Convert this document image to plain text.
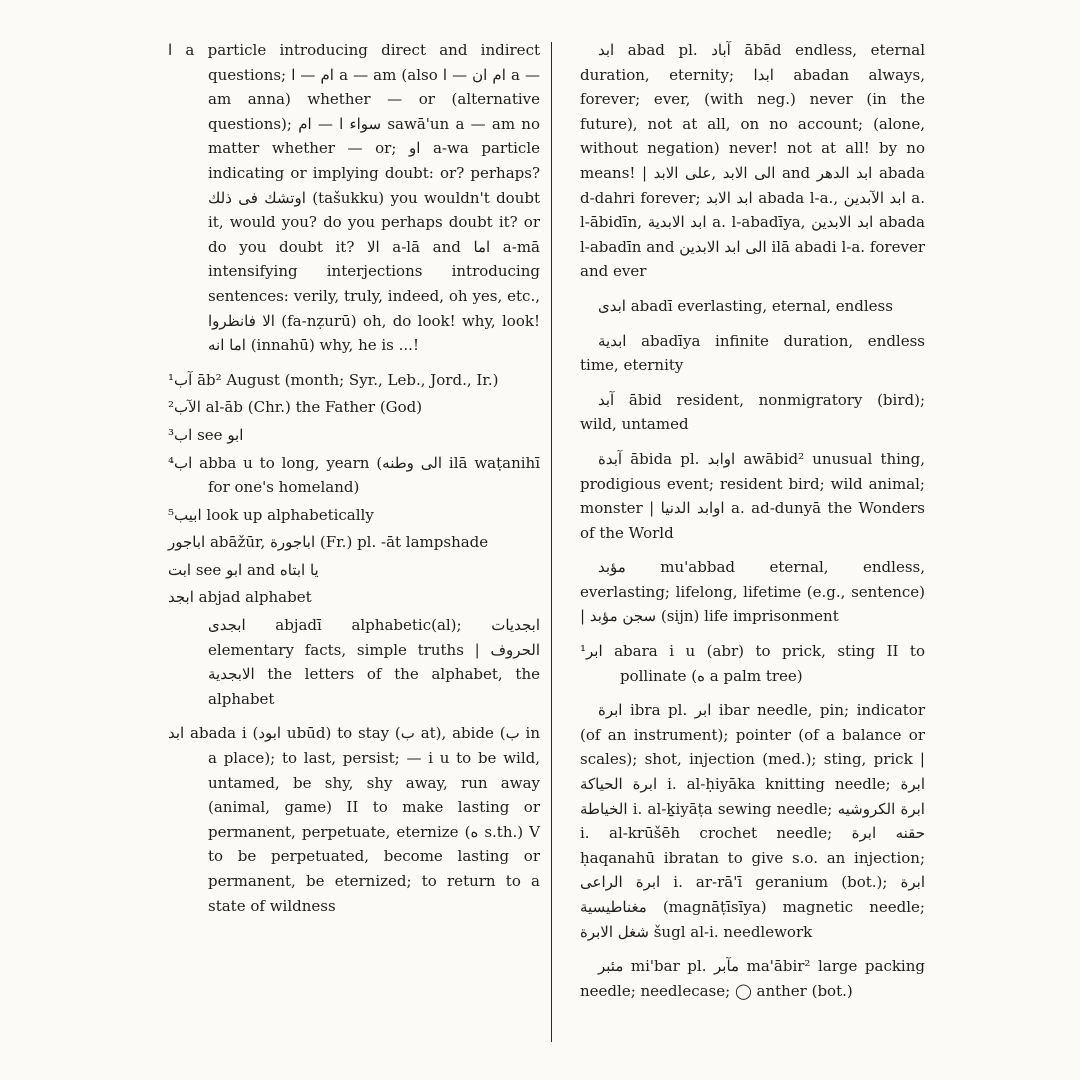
ا a particle introducing direct and indirect questions; ام — ا a — am (also ام ان — ا a — am anna) whether — or (alternative questions); سواء ا — ام sawā'un a — am no matter whether — or; او a-wa particle indicating or implying doubt: or? perhaps? اوتشك فى ذلك (tašukku) you wouldn't doubt it, would you? do you perhaps doubt it? or do you doubt it? الا a-lā and اما a-mā intensifying interjections introducing sentences: verily, truly, indeed, oh yes, etc., الا فانظروا (fa-nẓurū) oh, do look! why, look! اما انه (innahū) why, he is ...!

¹آب āb² August (month; Syr., Leb., Jord., Ir.)

²الآب al-āb (Chr.) the Father (God)

³اب see ابو

⁴اب abba u to long, yearn (الى وطنه ilā waṭanihī for one's homeland)

⁵ابيب look up alphabetically

اباجور abāžūr, اباجورة (Fr.) pl. -āt lampshade

ابت see ابو and يا ابتاه

ابجد abjad alphabet

ابجدى abjadī alphabetic(al); ابجديات elementary facts, simple truths | الحروف الابجدية the letters of the alphabet, the alphabet

ابد abada i (ابود ubūd) to stay (ب at), abide (ب in a place); to last, persist; — i u to be wild, untamed, be shy, shy away, run away (animal, game) II to make lasting or permanent, perpetuate, eternize (ه s.th.) V to be perpetuated, become lasting or permanent, be eternized; to return to a state of wildness

ابد abad pl. آباد ābād endless, eternal duration, eternity; ابدا abadan always, forever; ever, (with neg.) never (in the future), not at all, on no account; (alone, without negation) never! not at all! by no means! | الى الابد ,على الابد and ابد الدهر abada d-dahri forever; ابد الابد abada l-a., ابد الآبدين a. l-ābidīn, ابد الابدية a. l-abadīya, ابد الابدين abada l-abadīn and الى ابد الابدين ilā abadi l-a. forever and ever

ابدى abadī everlasting, eternal, endless

ابدية abadīya infinite duration, endless time, eternity

آبد ābid resident, nonmigratory (bird); wild, untamed

آبدة ābida pl. اوابد awābid² unusual thing, prodigious event; resident bird; wild animal; monster | اوابد الدنيا a. ad-dunyā the Wonders of the World

مؤبد mu'abbad eternal, endless, everlasting; lifelong, lifetime (e.g., sentence) | سجن مؤبد (sijn) life imprisonment

¹ابر abara i u (abr) to prick, sting II to pollinate (ه a palm tree)

ابرة ibra pl. ابر ibar needle, pin; indicator (of an instrument); pointer (of a balance or scales); shot, injection (med.); sting, prick | ابرة الحياكة i. al-ḥiyāka knitting needle; ابرة الخياطة i. al-ḵiyāṭa sewing needle; ابرة الكروشيه i. al-krūšēh crochet needle; حقنه ابرة ḥaqanahū ibratan to give s.o. an injection; ابرة الراعى i. ar-rā'ī geranium (bot.); ابرة مغناطيسية (magnāṭīsīya) magnetic needle; شغل الابرة šugl al-i. needlework

مئبر mi'bar pl. مآبر ma'ābir² large packing needle; needlecase; ◯ anther (bot.)
